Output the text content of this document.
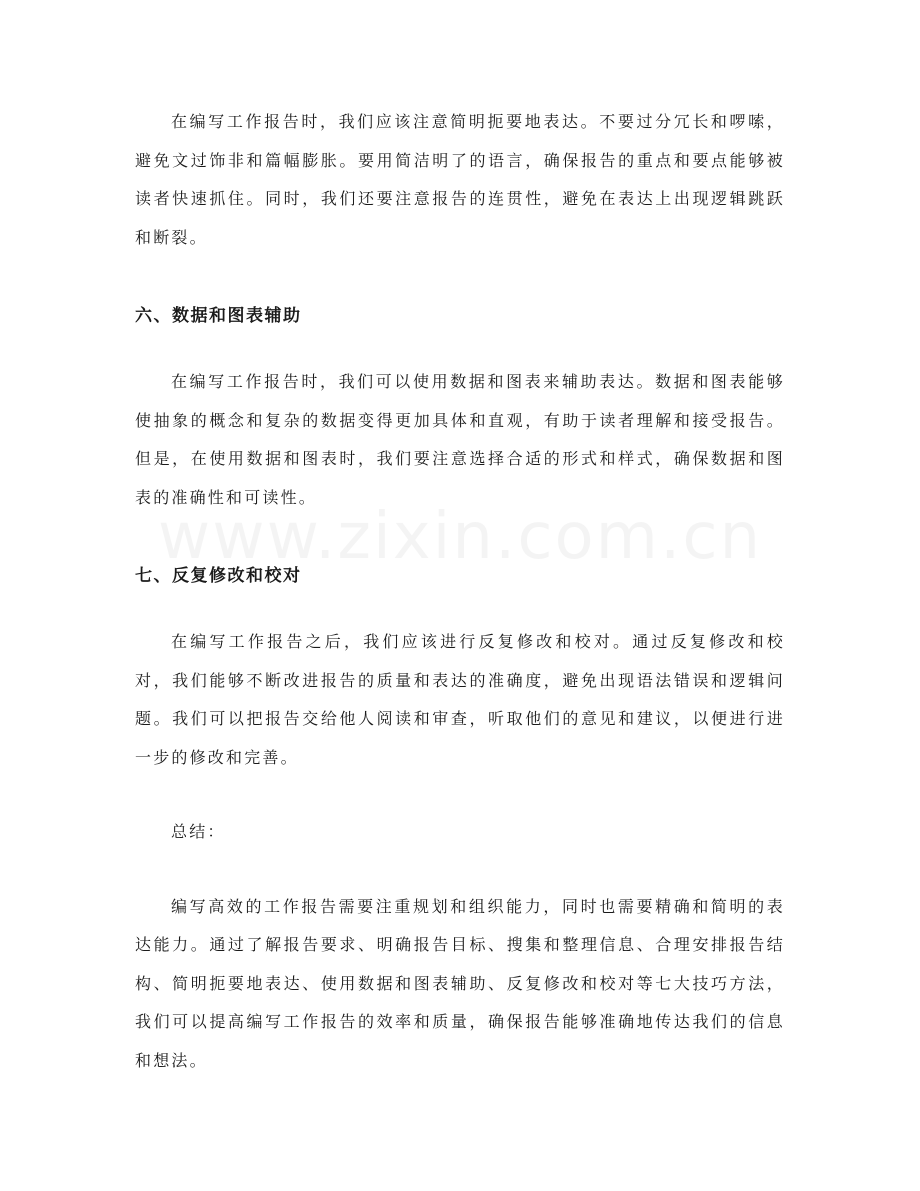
在编写工作报告时，我们应该注意简明扼要地表达。不要过分冗长和啰嗦，避免文过饰非和篇幅膨胀。要用简洁明了的语言，确保报告的重点和要点能够被读者快速抓住。同时，我们还要注意报告的连贯性，避免在表达上出现逻辑跳跃和断裂。

六、数据和图表辅助

在编写工作报告时，我们可以使用数据和图表来辅助表达。数据和图表能够使抽象的概念和复杂的数据变得更加具体和直观，有助于读者理解和接受报告。但是，在使用数据和图表时，我们要注意选择合适的形式和样式，确保数据和图表的准确性和可读性。

七、反复修改和校对

在编写工作报告之后，我们应该进行反复修改和校对。通过反复修改和校对，我们能够不断改进报告的质量和表达的准确度，避免出现语法错误和逻辑问题。我们可以把报告交给他人阅读和审查，听取他们的意见和建议，以便进行进一步的修改和完善。

总结：

编写高效的工作报告需要注重规划和组织能力，同时也需要精确和简明的表达能力。通过了解报告要求、明确报告目标、搜集和整理信息、合理安排报告结构、简明扼要地表达、使用数据和图表辅助、反复修改和校对等七大技巧方法，我们可以提高编写工作报告的效率和质量，确保报告能够准确地传达我们的信息和想法。
